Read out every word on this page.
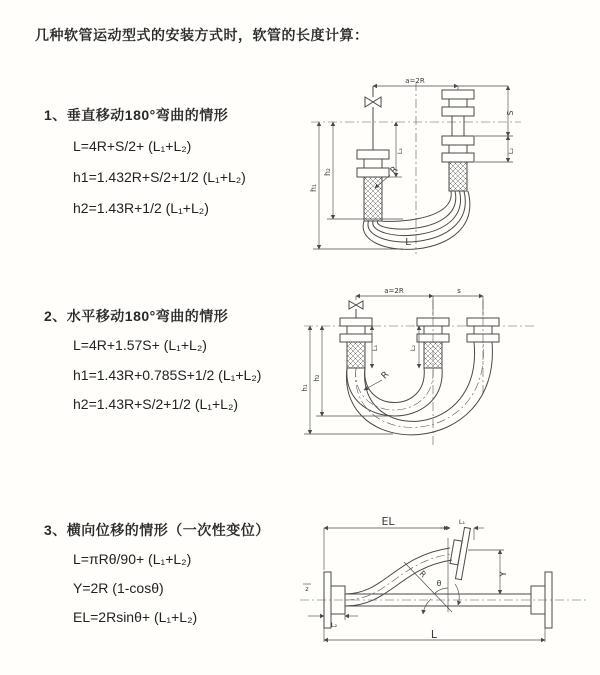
几种软管运动型式的安装方式时，软管的长度计算：
1、垂直移动180°弯曲的情形
L=4R+S/2+ (L₁+L₂)
h1=1.432R+S/2+1/2 (L₁+L₂)
h2=1.43R+1/2 (L₁+L₂)
2、水平移动180°弯曲的情形
L=4R+1.57S+ (L₁+L₂)
h1=1.43R+0.785S+1/2 (L₁+L₂)
h2=1.43R+S/2+1/2 (L₁+L₂)
3、横向位移的情形（一次性变位）
L=πRθ/90+ (L₁+L₂)
Y=2R (1-cosθ)
EL=2Rsinθ+ (L₁+L₂)
a=2R
S
L₂
h₁
h₂
L₁
R
L
a=2R	s
h₁
h₂
L₁	L₂
R
EL	L₁
Y
R
θ
L
L₂
z
